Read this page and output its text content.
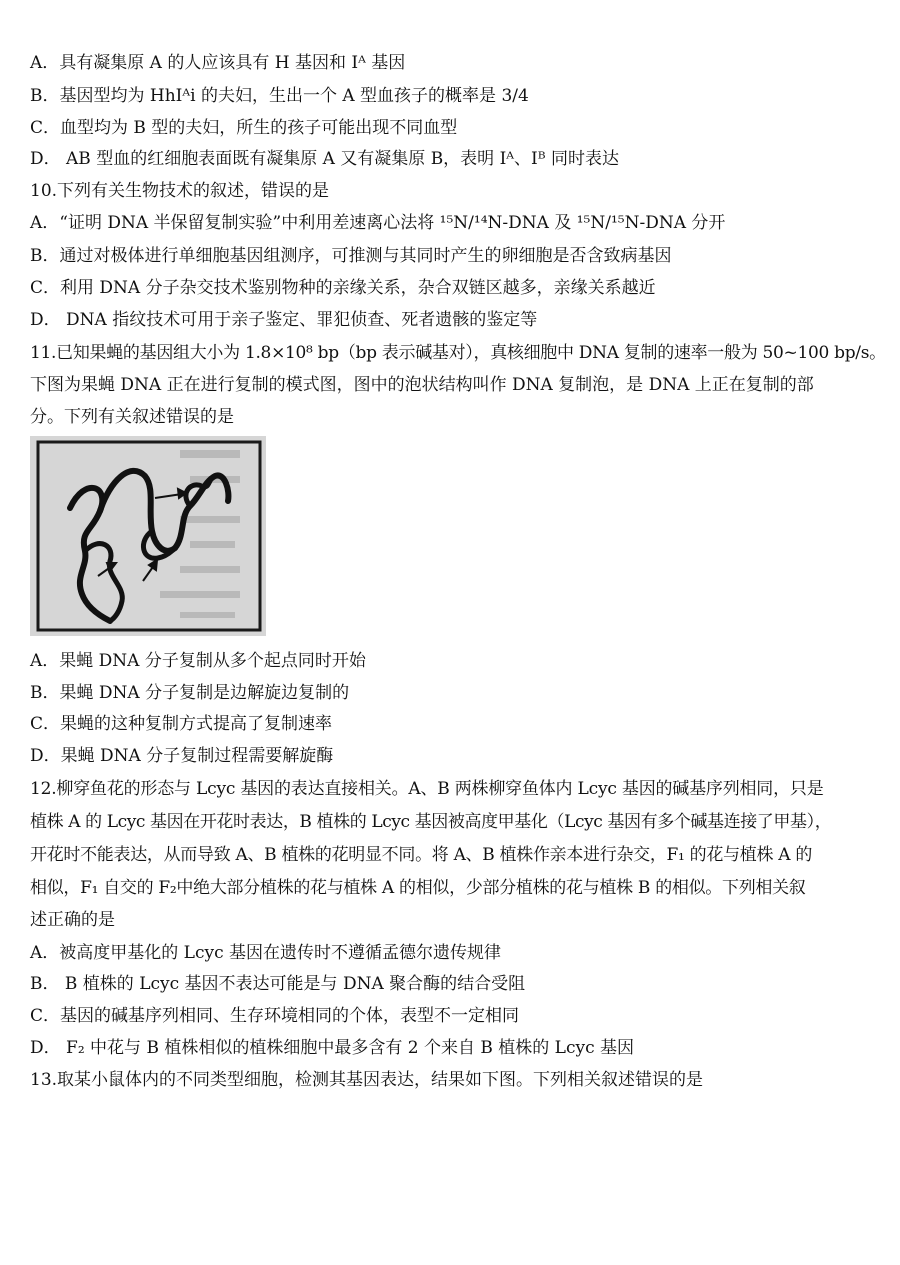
A．具有凝集原 A 的人应该具有 H 基因和 Iᴬ 基因
B．基因型均为 HhIᴬi 的夫妇，生出一个 A 型血孩子的概率是 3/4
C．血型均为 B 型的夫妇，所生的孩子可能出现不同血型
D． AB 型血的红细胞表面既有凝集原 A 又有凝集原 B，表明 Iᴬ、Iᴮ 同时表达
10.下列有关生物技术的叙述，错误的是
A．“证明 DNA 半保留复制实验”中利用差速离心法将 ¹⁵N/¹⁴N-DNA 及 ¹⁵N/¹⁵N-DNA 分开
B．通过对极体进行单细胞基因组测序，可推测与其同时产生的卵细胞是否含致病基因
C．利用 DNA 分子杂交技术鉴别物种的亲缘关系，杂合双链区越多，亲缘关系越近
D． DNA 指纹技术可用于亲子鉴定、罪犯侦查、死者遗骸的鉴定等
11.已知果蝇的基因组大小为 1.8×10⁸ bp（bp 表示碱基对），真核细胞中 DNA 复制的速率一般为 50~100 bp/s。
下图为果蝇 DNA 正在进行复制的模式图，图中的泡状结构叫作 DNA 复制泡，是 DNA 上正在复制的部
分。下列有关叙述错误的是
A．果蝇 DNA 分子复制从多个起点同时开始
B．果蝇 DNA 分子复制是边解旋边复制的
C．果蝇的这种复制方式提高了复制速率
D．果蝇 DNA 分子复制过程需要解旋酶
12.柳穿鱼花的形态与 Lcyc 基因的表达直接相关。A、B 两株柳穿鱼体内 Lcyc 基因的碱基序列相同，只是
植株 A 的 Lcyc 基因在开花时表达，B 植株的 Lcyc 基因被高度甲基化（Lcyc 基因有多个碱基连接了甲基），
开花时不能表达，从而导致 A、B 植株的花明显不同。将 A、B 植株作亲本进行杂交，F₁ 的花与植株 A 的
相似，F₁ 自交的 F₂中绝大部分植株的花与植株 A 的相似，少部分植株的花与植株 B 的相似。下列相关叙
述正确的是
A．被高度甲基化的 Lcyc 基因在遗传时不遵循孟德尔遗传规律
B． B 植株的 Lcyc 基因不表达可能是与 DNA 聚合酶的结合受阻
C．基因的碱基序列相同、生存环境相同的个体，表型不一定相同
D． F₂ 中花与 B 植株相似的植株细胞中最多含有 2 个来自 B 植株的 Lcyc 基因
13.取某小鼠体内的不同类型细胞，检测其基因表达，结果如下图。下列相关叙述错误的是
